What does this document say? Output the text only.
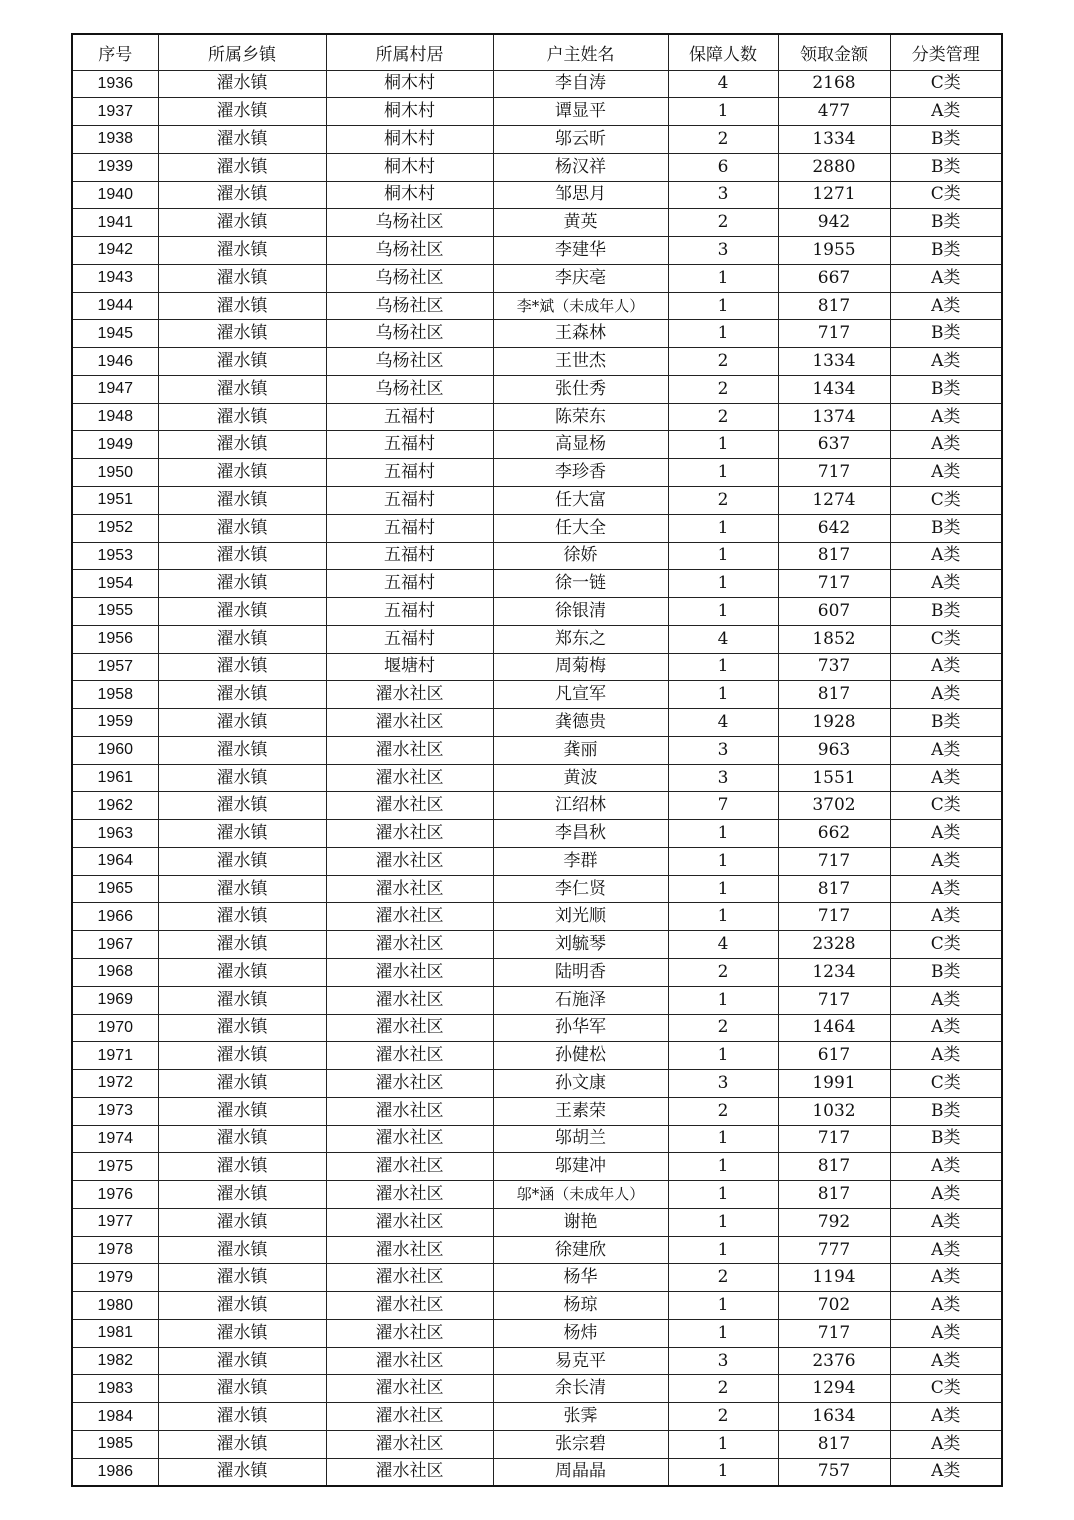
序号	所属乡镇	所属村居	户主姓名	保障人数	领取金额	分类管理
1936	濯水镇	桐木村	李自涛	4	2168	C类
1937	濯水镇	桐木村	谭显平	1	477	A类
1938	濯水镇	桐木村	邬云昕	2	1334	B类
1939	濯水镇	桐木村	杨汉祥	6	2880	B类
1940	濯水镇	桐木村	邹思月	3	1271	C类
1941	濯水镇	乌杨社区	黄英	2	942	B类
1942	濯水镇	乌杨社区	李建华	3	1955	B类
1943	濯水镇	乌杨社区	李庆亳	1	667	A类
1944	濯水镇	乌杨社区	李*斌（未成年人）	1	817	A类
1945	濯水镇	乌杨社区	王森林	1	717	B类
1946	濯水镇	乌杨社区	王世杰	2	1334	A类
1947	濯水镇	乌杨社区	张仕秀	2	1434	B类
1948	濯水镇	五福村	陈荣东	2	1374	A类
1949	濯水镇	五福村	高显杨	1	637	A类
1950	濯水镇	五福村	李珍香	1	717	A类
1951	濯水镇	五福村	任大富	2	1274	C类
1952	濯水镇	五福村	任大全	1	642	B类
1953	濯水镇	五福村	徐娇	1	817	A类
1954	濯水镇	五福村	徐一链	1	717	A类
1955	濯水镇	五福村	徐银清	1	607	B类
1956	濯水镇	五福村	郑东之	4	1852	C类
1957	濯水镇	堰塘村	周菊梅	1	737	A类
1958	濯水镇	濯水社区	凡宣军	1	817	A类
1959	濯水镇	濯水社区	龚德贵	4	1928	B类
1960	濯水镇	濯水社区	龚丽	3	963	A类
1961	濯水镇	濯水社区	黄波	3	1551	A类
1962	濯水镇	濯水社区	江绍林	7	3702	C类
1963	濯水镇	濯水社区	李昌秋	1	662	A类
1964	濯水镇	濯水社区	李群	1	717	A类
1965	濯水镇	濯水社区	李仁贤	1	817	A类
1966	濯水镇	濯水社区	刘光顺	1	717	A类
1967	濯水镇	濯水社区	刘毓琴	4	2328	C类
1968	濯水镇	濯水社区	陆明香	2	1234	B类
1969	濯水镇	濯水社区	石施泽	1	717	A类
1970	濯水镇	濯水社区	孙华军	2	1464	A类
1971	濯水镇	濯水社区	孙健松	1	617	A类
1972	濯水镇	濯水社区	孙文康	3	1991	C类
1973	濯水镇	濯水社区	王素荣	2	1032	B类
1974	濯水镇	濯水社区	邬胡兰	1	717	B类
1975	濯水镇	濯水社区	邬建冲	1	817	A类
1976	濯水镇	濯水社区	邬*涵（未成年人）	1	817	A类
1977	濯水镇	濯水社区	谢艳	1	792	A类
1978	濯水镇	濯水社区	徐建欣	1	777	A类
1979	濯水镇	濯水社区	杨华	2	1194	A类
1980	濯水镇	濯水社区	杨琼	1	702	A类
1981	濯水镇	濯水社区	杨炜	1	717	A类
1982	濯水镇	濯水社区	易克平	3	2376	A类
1983	濯水镇	濯水社区	余长清	2	1294	C类
1984	濯水镇	濯水社区	张霁	2	1634	A类
1985	濯水镇	濯水社区	张宗碧	1	817	A类
1986	濯水镇	濯水社区	周晶晶	1	757	A类
